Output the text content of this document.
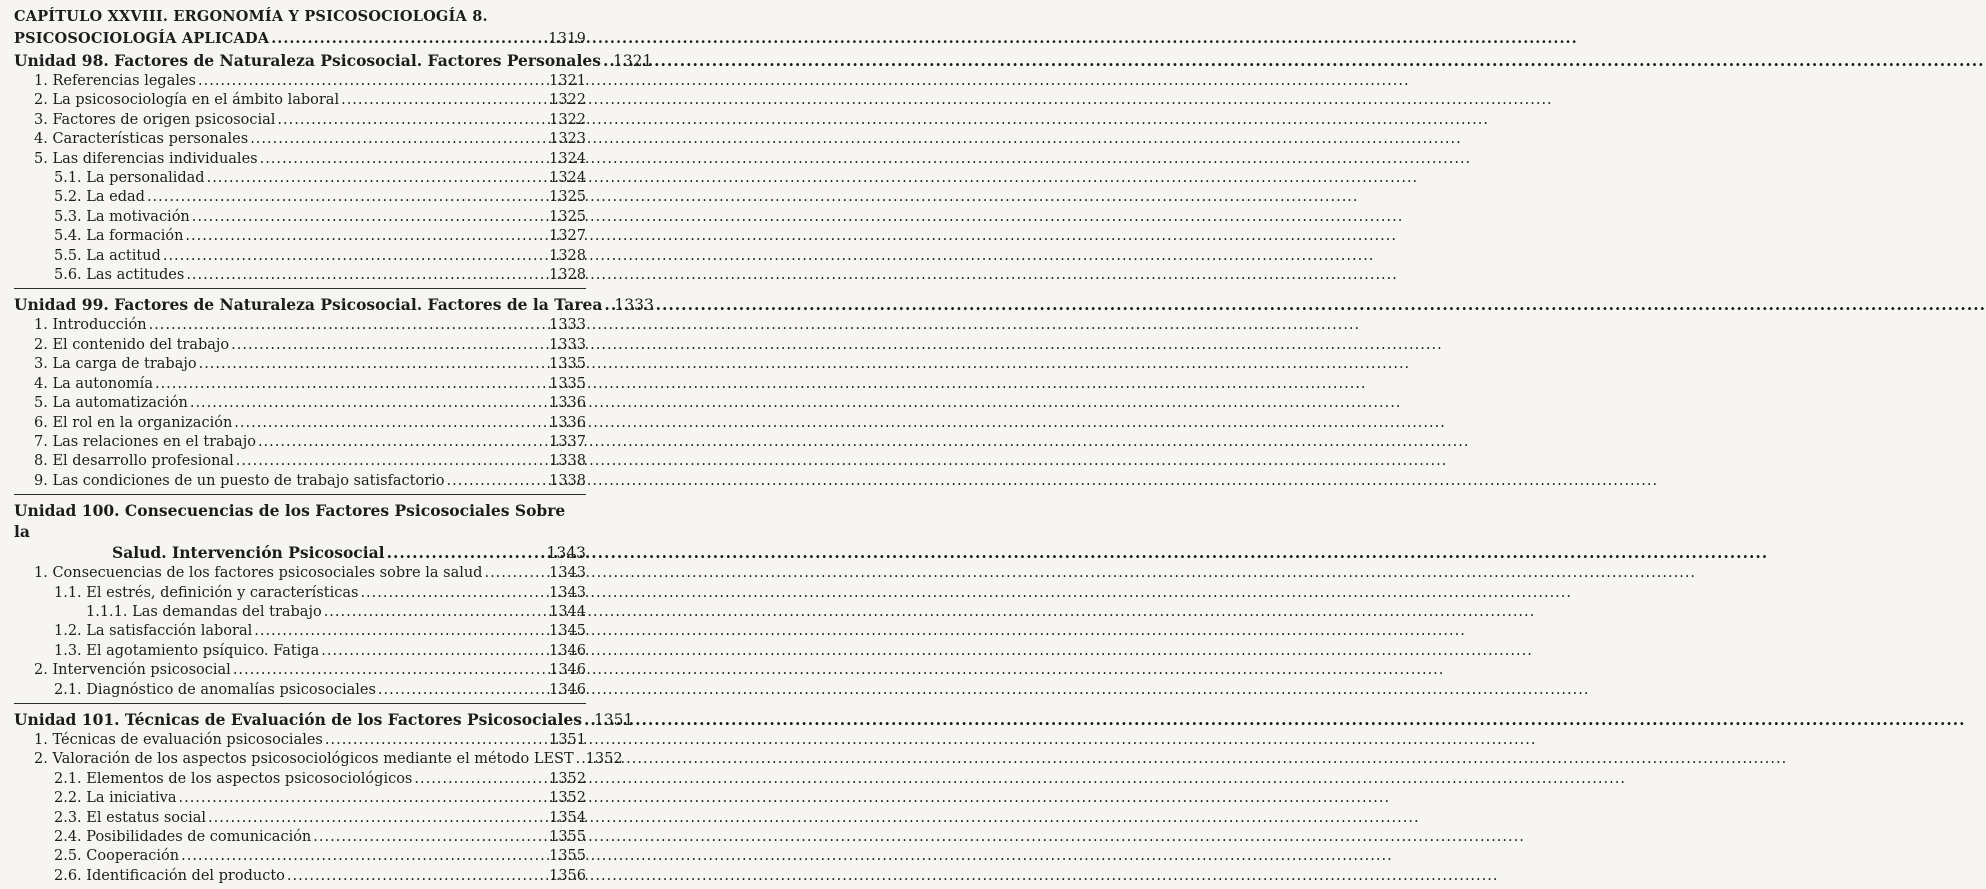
CAPÍTULO XXVIII. ERGONOMÍA Y PSICOSOCIOLOGÍA 8.
PSICOSOCIOLOGÍA APLICADA .....	1319
Unidad 98. Factores de Naturaleza Psicosocial. Factores Personales ..... 1321
1. Referencias legales .....	1321
2. La psicosociología en el ámbito laboral .....	1322
3. Factores de origen psicosocial .....	1322
4. Características personales .....	1323
5. Las diferencias individuales .....	1324
5.1. La personalidad .....	1324
5.2. La edad .....	1325
5.3. La motivación .....	1325
5.4. La formación .....	1327
5.5. La actitud .....	1328
5.6. Las actitudes .....	1328
Unidad 99. Factores de Naturaleza Psicosocial. Factores de la Tarea ..... 1333
1. Introducción .....	1333
2. El contenido del trabajo .....	1333
3. La carga de trabajo .....	1335
4. La autonomía .....	1335
5. La automatización .....	1336
6. El rol en la organización .....	1336
7. Las relaciones en el trabajo .....	1337
8. El desarrollo profesional .....	1338
9. Las condiciones de un puesto de trabajo satisfactorio .....	1338
Unidad 100. Consecuencias de los Factores Psicosociales Sobre la
Salud. Intervención Psicosocial .....	1343
1. Consecuencias de los factores psicosociales sobre la salud .....	1343
1.1. El estrés, definición y características .....	1343
1.1.1. Las demandas del trabajo .....	1344
1.2. La satisfacción laboral .....	1345
1.3. El agotamiento psíquico. Fatiga .....	1346
2. Intervención psicosocial .....	1346
2.1. Diagnóstico de anomalías psicosociales .....	1346
Unidad 101. Técnicas de Evaluación de los Factores Psicosociales ..... 1351
1. Técnicas de evaluación psicosociales .....	1351
2. Valoración de los aspectos psicosociológicos mediante el método LEST ..... 1352
2.1. Elementos de los aspectos psicosociológicos .....	1352
2.2. La iniciativa .....	1352
2.3. El estatus social .....	1354
2.4. Posibilidades de comunicación .....	1355
2.5. Cooperación .....	1355
2.6. Identificación del producto .....	1356
